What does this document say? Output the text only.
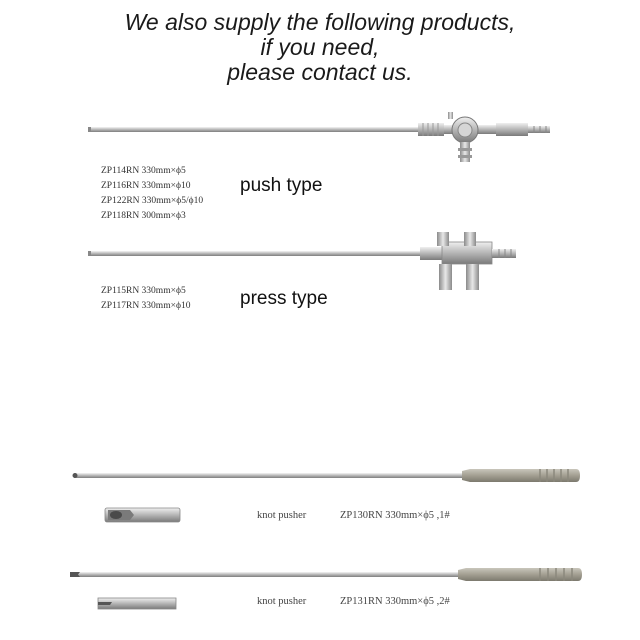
We also supply the following products,
if you need,
please contact us.
ZP114RN 330mm×ϕ5
ZP116RN 330mm×ϕ10
ZP122RN 330mm×ϕ5/ϕ10
ZP118RN 300mm×ϕ3
push type
ZP115RN 330mm×ϕ5
ZP117RN 330mm×ϕ10	press type
knot pusher	ZP130RN 330mm×ϕ5 ,1#
knot pusher	ZP131RN 330mm×ϕ5 ,2#
